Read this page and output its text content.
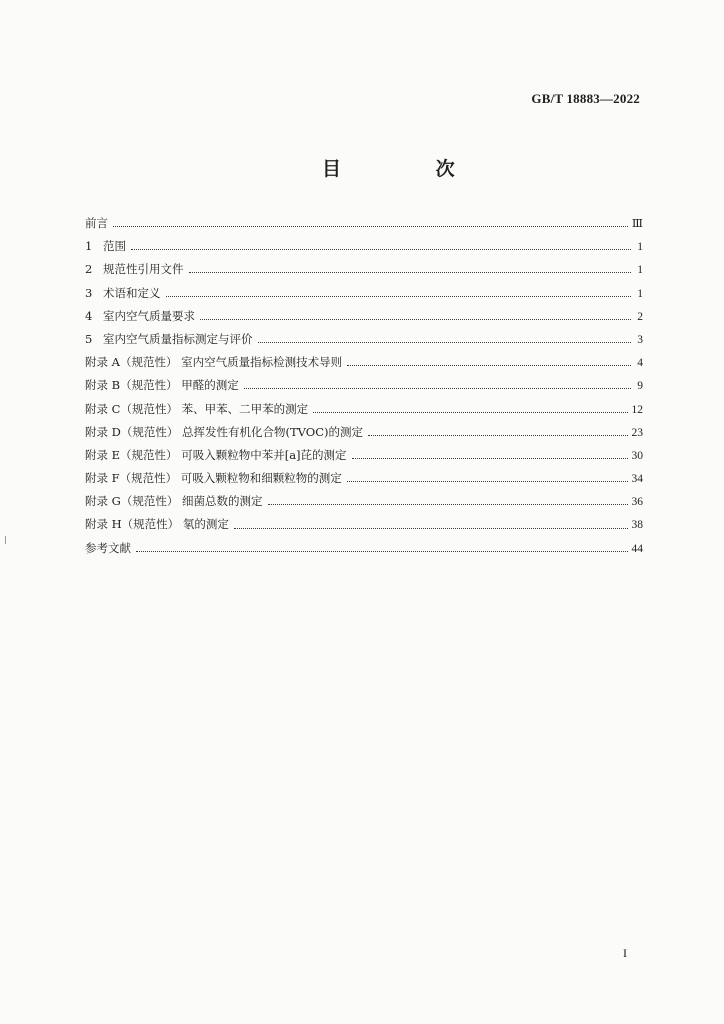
GB/T 18883—2022
目 次
前言	Ⅲ
1 范围	1
2 规范性引用文件	1
3 术语和定义	1
4 室内空气质量要求	2
5 室内空气质量指标测定与评价	3
附录 A（规范性） 室内空气质量指标检测技术导则	4
附录 B（规范性） 甲醛的测定	9
附录 C（规范性） 苯、甲苯、二甲苯的测定	12
附录 D（规范性） 总挥发性有机化合物(TVOC)的测定	23
附录 E（规范性） 可吸入颗粒物中苯并[a]芘的测定	30
附录 F（规范性） 可吸入颗粒物和细颗粒物的测定	34
附录 G（规范性） 细菌总数的测定	36
附录 H（规范性） 氡的测定	38
参考文献	44
I
